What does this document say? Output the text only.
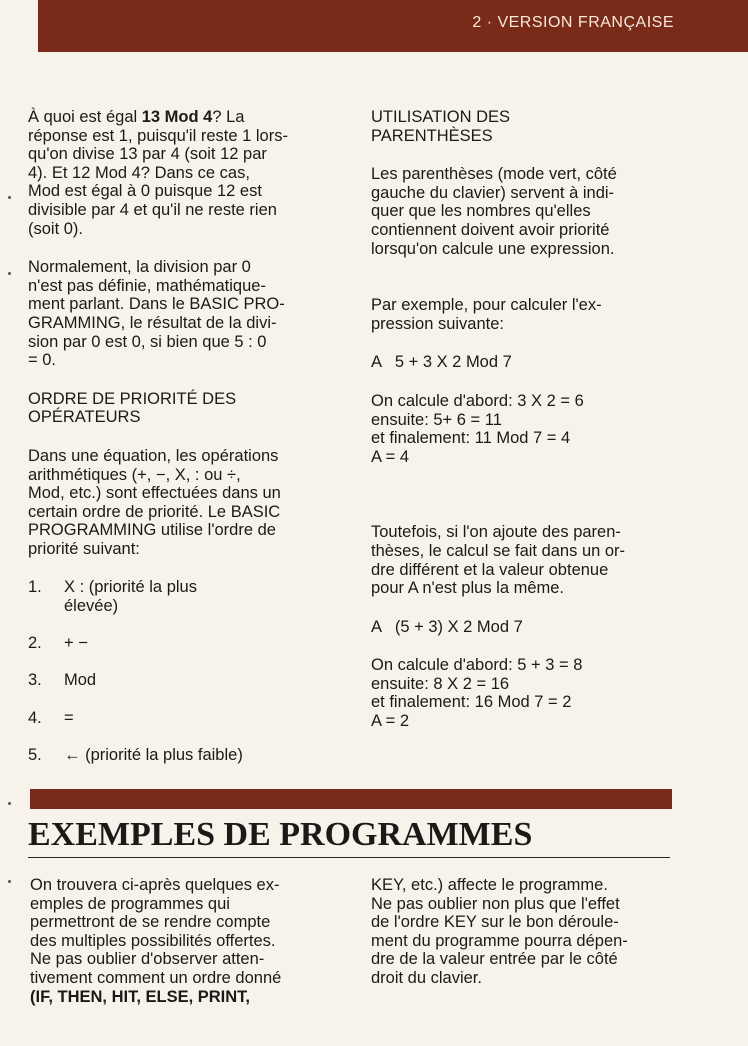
2 · VERSION FRANÇAISE

À quoi est égal 13 Mod 4? La
réponse est 1, puisqu'il reste 1 lors-
qu'on divise 13 par 4 (soit 12 par
4). Et 12 Mod 4? Dans ce cas,
Mod est égal à 0 puisque 12 est
divisible par 4 et qu'il ne reste rien
(soit 0).

Normalement, la division par 0
n'est pas définie, mathématique-
ment parlant. Dans le BASIC PRO-
GRAMMING, le résultat de la divi-
sion par 0 est 0, si bien que 5 : 0
= 0.

ORDRE DE PRIORITÉ DES
OPÉRATEURS

Dans une équation, les opérations
arithmétiques (+, −, X, : ou ÷,
Mod, etc.) sont effectuées dans un
certain ordre de priorité. Le BASIC
PROGRAMMING utilise l'ordre de
priorité suivant:

1.	X : (priorité la plus
élevée)
2.	+ −
3.	Mod
4.	=
5.	← (priorité la plus faible)

UTILISATION DES
PARENTHÈSES

Les parenthèses (mode vert, côté
gauche du clavier) servent à indi-
quer que les nombres qu'elles
contiennent doivent avoir priorité
lorsqu'on calcule une expression.

Par exemple, pour calculer l'ex-
pression suivante:

A   5 + 3 X 2 Mod 7

On calcule d'abord: 3 X 2 = 6
ensuite: 5+ 6 = 11
et finalement: 11 Mod 7 = 4
A = 4

Toutefois, si l'on ajoute des paren-
thèses, le calcul se fait dans un or-
dre différent et la valeur obtenue
pour A n'est plus la même.

A   (5 + 3) X 2 Mod 7

On calcule d'abord: 5 + 3 = 8
ensuite: 8 X 2 = 16
et finalement: 16 Mod 7 = 2
A = 2

EXEMPLES DE PROGRAMMES

On trouvera ci-après quelques ex-
emples de programmes qui
permettront de se rendre compte
des multiples possibilités offertes.
Ne pas oublier d'observer atten-
tivement comment un ordre donné
(IF, THEN, HIT, ELSE, PRINT,

KEY, etc.) affecte le programme.
Ne pas oublier non plus que l'effet
de l'ordre KEY sur le bon déroule-
ment du programme pourra dépen-
dre de la valeur entrée par le côté
droit du clavier.
